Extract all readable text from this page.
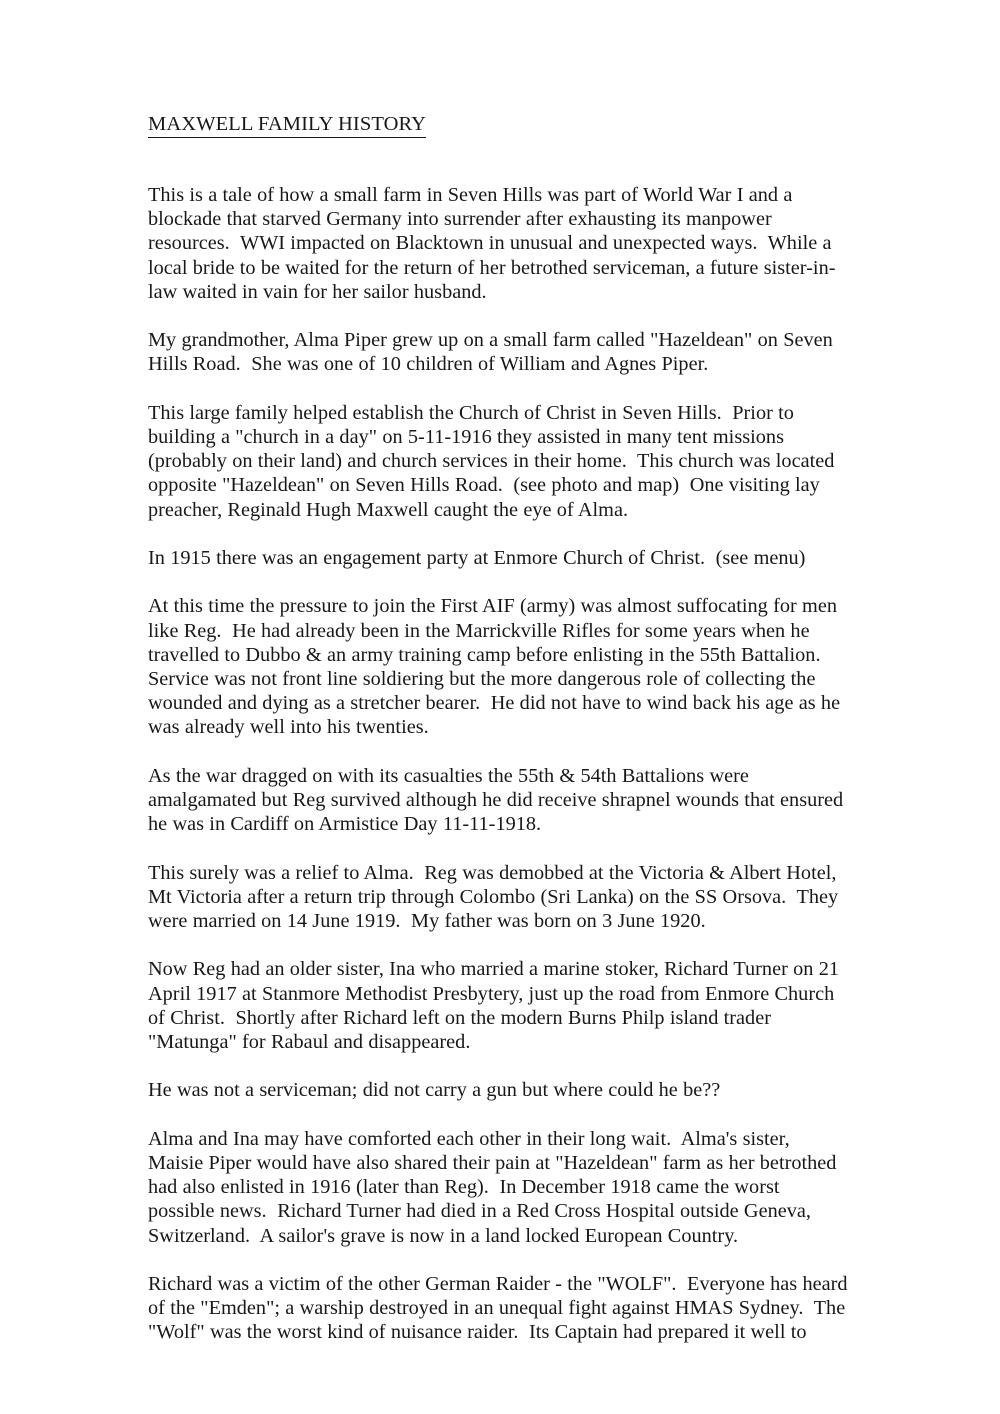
MAXWELL FAMILY HISTORY

This is a tale of how a small farm in Seven Hills was part of World War I and a blockade that starved Germany into surrender after exhausting its manpower resources.  WWI impacted on Blacktown in unusual and unexpected ways.  While a local bride to be waited for the return of her betrothed serviceman, a future sister-in-law waited in vain for her sailor husband.

My grandmother, Alma Piper grew up on a small farm called "Hazeldean" on Seven Hills Road.  She was one of 10 children of William and Agnes Piper.

This large family helped establish the Church of Christ in Seven Hills.  Prior to building a "church in a day" on 5-11-1916 they assisted in many tent missions (probably on their land) and church services in their home.  This church was located opposite "Hazeldean" on Seven Hills Road.  (see photo and map)  One visiting lay preacher, Reginald Hugh Maxwell caught the eye of Alma.

In 1915 there was an engagement party at Enmore Church of Christ.  (see menu)

At this time the pressure to join the First AIF (army) was almost suffocating for men like Reg.  He had already been in the Marrickville Rifles for some years when he travelled to Dubbo & an army training camp before enlisting in the 55th Battalion.  Service was not front line soldiering but the more dangerous role of collecting the wounded and dying as a stretcher bearer.  He did not have to wind back his age as he was already well into his twenties.

As the war dragged on with its casualties the 55th & 54th Battalions were amalgamated but Reg survived although he did receive shrapnel wounds that ensured he was in Cardiff on Armistice Day 11-11-1918.

This surely was a relief to Alma.  Reg was demobbed at the Victoria & Albert Hotel, Mt Victoria after a return trip through Colombo (Sri Lanka) on the SS Orsova.  They were married on 14 June 1919.  My father was born on 3 June 1920.

Now Reg had an older sister, Ina who married a marine stoker, Richard Turner on 21 April 1917 at Stanmore Methodist Presbytery, just up the road from Enmore Church of Christ.  Shortly after Richard left on the modern Burns Philp island trader "Matunga" for Rabaul and disappeared.

He was not a serviceman; did not carry a gun but where could he be??

Alma and Ina may have comforted each other in their long wait.  Alma's sister, Maisie Piper would have also shared their pain at "Hazeldean" farm as her betrothed had also enlisted in 1916 (later than Reg).  In December 1918 came the worst possible news.  Richard Turner had died in a Red Cross Hospital outside Geneva, Switzerland.  A sailor's grave is now in a land locked European Country.

Richard was a victim of the other German Raider - the "WOLF".  Everyone has heard of the "Emden"; a warship destroyed in an unequal fight against HMAS Sydney.  The "Wolf" was the worst kind of nuisance raider.  Its Captain had prepared it well to
